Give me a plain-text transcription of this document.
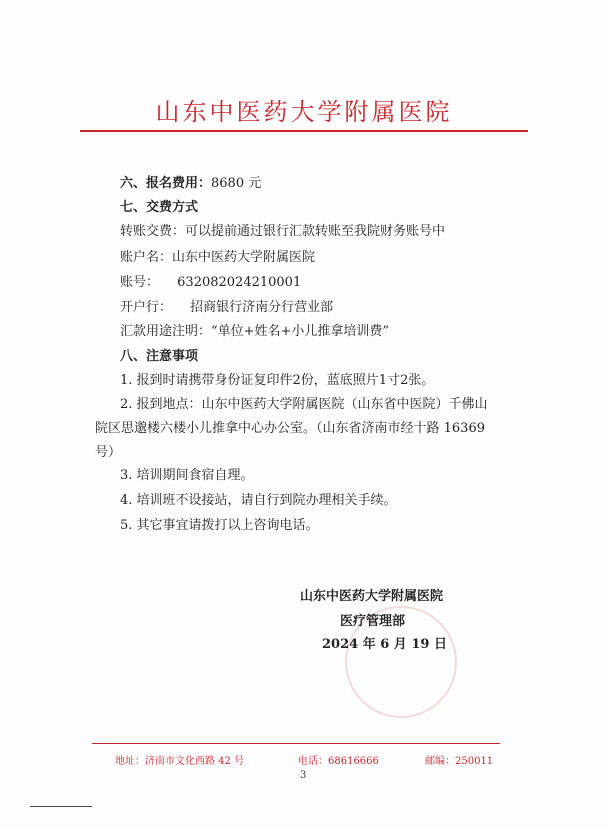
山东中医药大学附属医院
六、报名费用：8680 元
七、交费方式
转账交费：可以提前通过银行汇款转账至我院财务账号中
账户名：山东中医药大学附属医院
账号： 632082024210001
开户行： 招商银行济南分行营业部
汇款用途注明：“单位+姓名+小儿推拿培训费”
八、注意事项
1. 报到时请携带身份证复印件2份，蓝底照片1寸2张。
2. 报到地点：山东中医药大学附属医院（山东省中医院）千佛山
院区思邈楼六楼小儿推拿中心办公室。（山东省济南市经十路 16369
号）
3. 培训期间食宿自理。
4. 培训班不设接站，请自行到院办理相关手续。
5. 其它事宜请拨打以上咨询电话。
山东中医药大学附属医院
医疗管理部
2024 年 6 月 19 日
地址：济南市文化西路 42 号	电话：68616666	邮编：250011
3
